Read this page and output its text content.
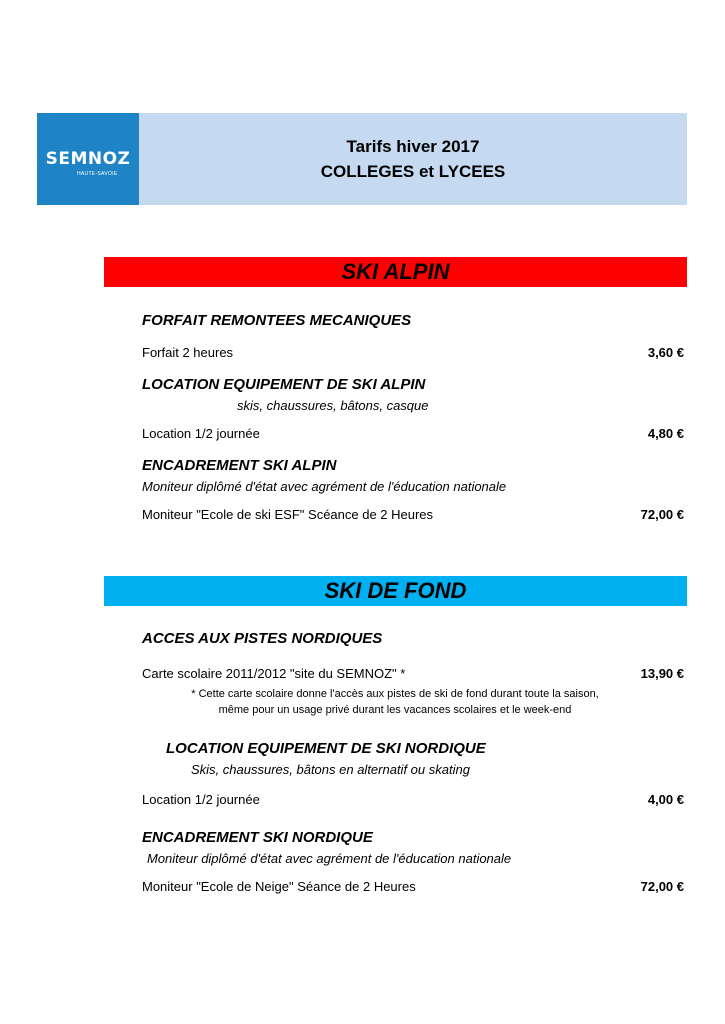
SEMNOZ
HAUTE-SAVOIE
Tarifs hiver 2017
COLLEGES et LYCEES
SKI ALPIN
FORFAIT REMONTEES MECANIQUES
Forfait 2 heures	3,60 €
LOCATION EQUIPEMENT DE SKI ALPIN
skis, chaussures, bâtons, casque
Location 1/2 journée	4,80 €
ENCADREMENT SKI ALPIN
Moniteur diplômé d'état avec agrément de l'éducation nationale
Moniteur "Ecole de ski ESF" Scéance de 2 Heures	72,00 €
SKI DE FOND
ACCES AUX PISTES NORDIQUES
Carte scolaire 2011/2012 "site du SEMNOZ" *	13,90 €
* Cette carte scolaire donne l'accès aux pistes de ski de fond durant toute la saison,
même pour un usage privé durant les vacances scolaires et le week-end
LOCATION EQUIPEMENT DE SKI NORDIQUE
Skis, chaussures, bâtons en alternatif ou skating
Location 1/2 journée	4,00 €
ENCADREMENT SKI NORDIQUE
Moniteur diplômé d'état avec agrément de l'éducation nationale
Moniteur "Ecole de Neige" Séance de 2 Heures	72,00 €
